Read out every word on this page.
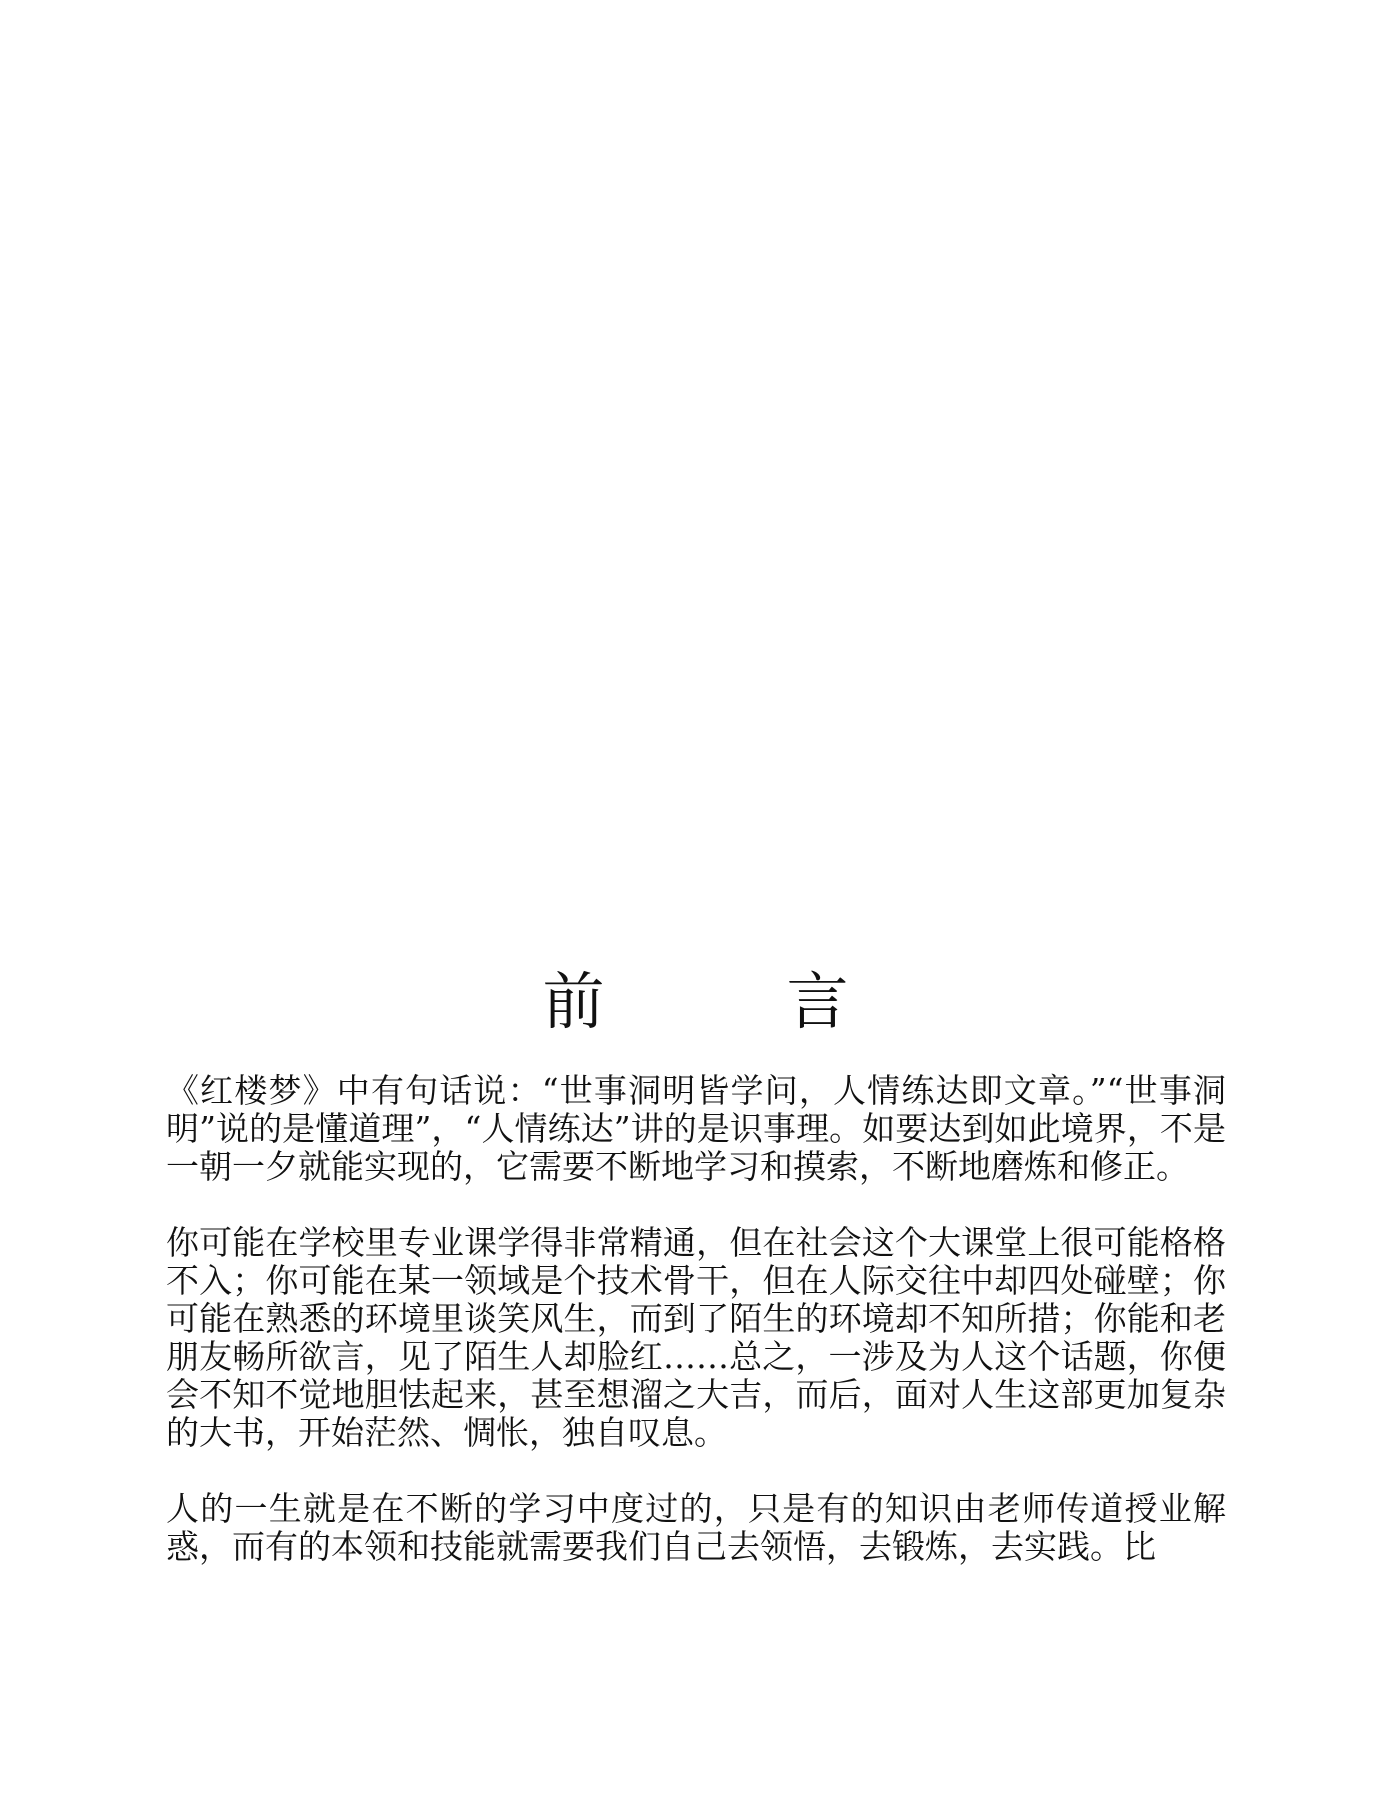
前　言

《红楼梦》中有句话说：“世事洞明皆学问，人情练达即文章。”“世事洞明”说的是懂道理”，“人情练达”讲的是识事理。如要达到如此境界，不是一朝一夕就能实现的，它需要不断地学习和摸索，不断地磨炼和修正。

你可能在学校里专业课学得非常精通，但在社会这个大课堂上很可能格格不入；你可能在某一领域是个技术骨干，但在人际交往中却四处碰壁；你可能在熟悉的环境里谈笑风生，而到了陌生的环境却不知所措；你能和老朋友畅所欲言，见了陌生人却脸红……总之，一涉及为人这个话题，你便会不知不觉地胆怯起来，甚至想溜之大吉，而后，面对人生这部更加复杂的大书，开始茫然、惆怅，独自叹息。

人的一生就是在不断的学习中度过的，只是有的知识由老师传道授业解惑，而有的本领和技能就需要我们自己去领悟，去锻炼，去实践。比
